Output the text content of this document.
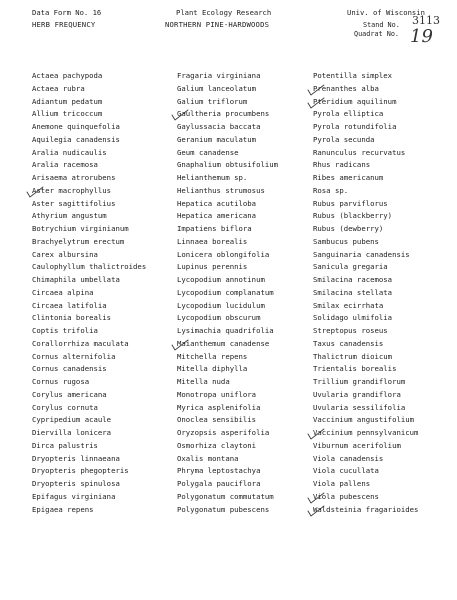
Data Form No. 16	Plant Ecology Research	Univ. of Wisconsin
HERB FREQUENCY	NORTHERN PINE-HARDWOODS	Stand No. 3113
Quadrat No. 19
Actaea pachypoda
Actaea rubra
Adiantum pedatum
Allium tricoccum
Anemone quinquefolia
Aquilegia canadensis
Aralia nudicaulis
Aralia racemosa
Arisaema atrorubens
Aster macrophyllus
Aster sagittifolius
Athyrium angustum
Botrychium virginianum
Brachyelytrum erectum
Carex albursina
Caulophyllum thalictroides
Chimaphila umbellata
Circaea alpina
Circaea latifolia
Clintonia borealis
Coptis trifolia
Corallorrhiza maculata
Cornus alternifolia
Cornus canadensis
Cornus rugosa
Corylus americana
Corylus cornuta
Cypripedium acaule
Diervilla lonicera
Dirca palustris
Dryopteris linnaeana
Dryopteris phegopteris
Dryopteris spinulosa
Epifagus virginiana
Epigaea repens
Fragaria virginiana
Galium lanceolatum
Galium triflorum
Gaultheria procumbens
Gaylussacia baccata
Geranium maculatum
Geum canadense
Gnaphalium obtusifolium
Helianthemum sp.
Helianthus strumosus
Hepatica acutiloba
Hepatica americana
Impatiens biflora
Linnaea borealis
Lonicera oblongifolia
Lupinus perennis
Lycopodium annotinum
Lycopodium complanatum
Lycopodium lucidulum
Lycopodium obscurum
Lysimachia quadrifolia
Maianthemum canadense
Mitchella repens
Mitella diphylla
Mitella nuda
Monotropa uniflora
Myrica asplenifolia
Onoclea sensibilis
Oryzopsis asperifolia
Osmorhiza claytoni
Oxalis montana
Phryma leptostachya
Polygala pauciflora
Polygonatum commutatum
Polygonatum pubescens
Potentilla simplex
Prenanthes alba
Pteridium aquilinum
Pyrola elliptica
Pyrola rotundifolia
Pyrola secunda
Ranunculus recurvatus
Rhus radicans
Ribes americanum
Rosa sp.
Rubus parviflorus
Rubus (blackberry)
Rubus (dewberry)
Sambucus pubens
Sanguinaria canadensis
Sanicula gregaria
Smilacina racemosa
Smilacina stellata
Smilax ecirrhata
Solidago ulmifolia
Streptopus roseus
Taxus canadensis
Thalictrum dioicum
Trientalis borealis
Trillium grandiflorum
Uvularia grandiflora
Uvularia sessilifolia
Vaccinium angustifolium
Vaccinium pennsylvanicum
Viburnum acerifolium
Viola canadensis
Viola cucullata
Viola pallens
Viola pubescens
Waldsteinia fragarioides
